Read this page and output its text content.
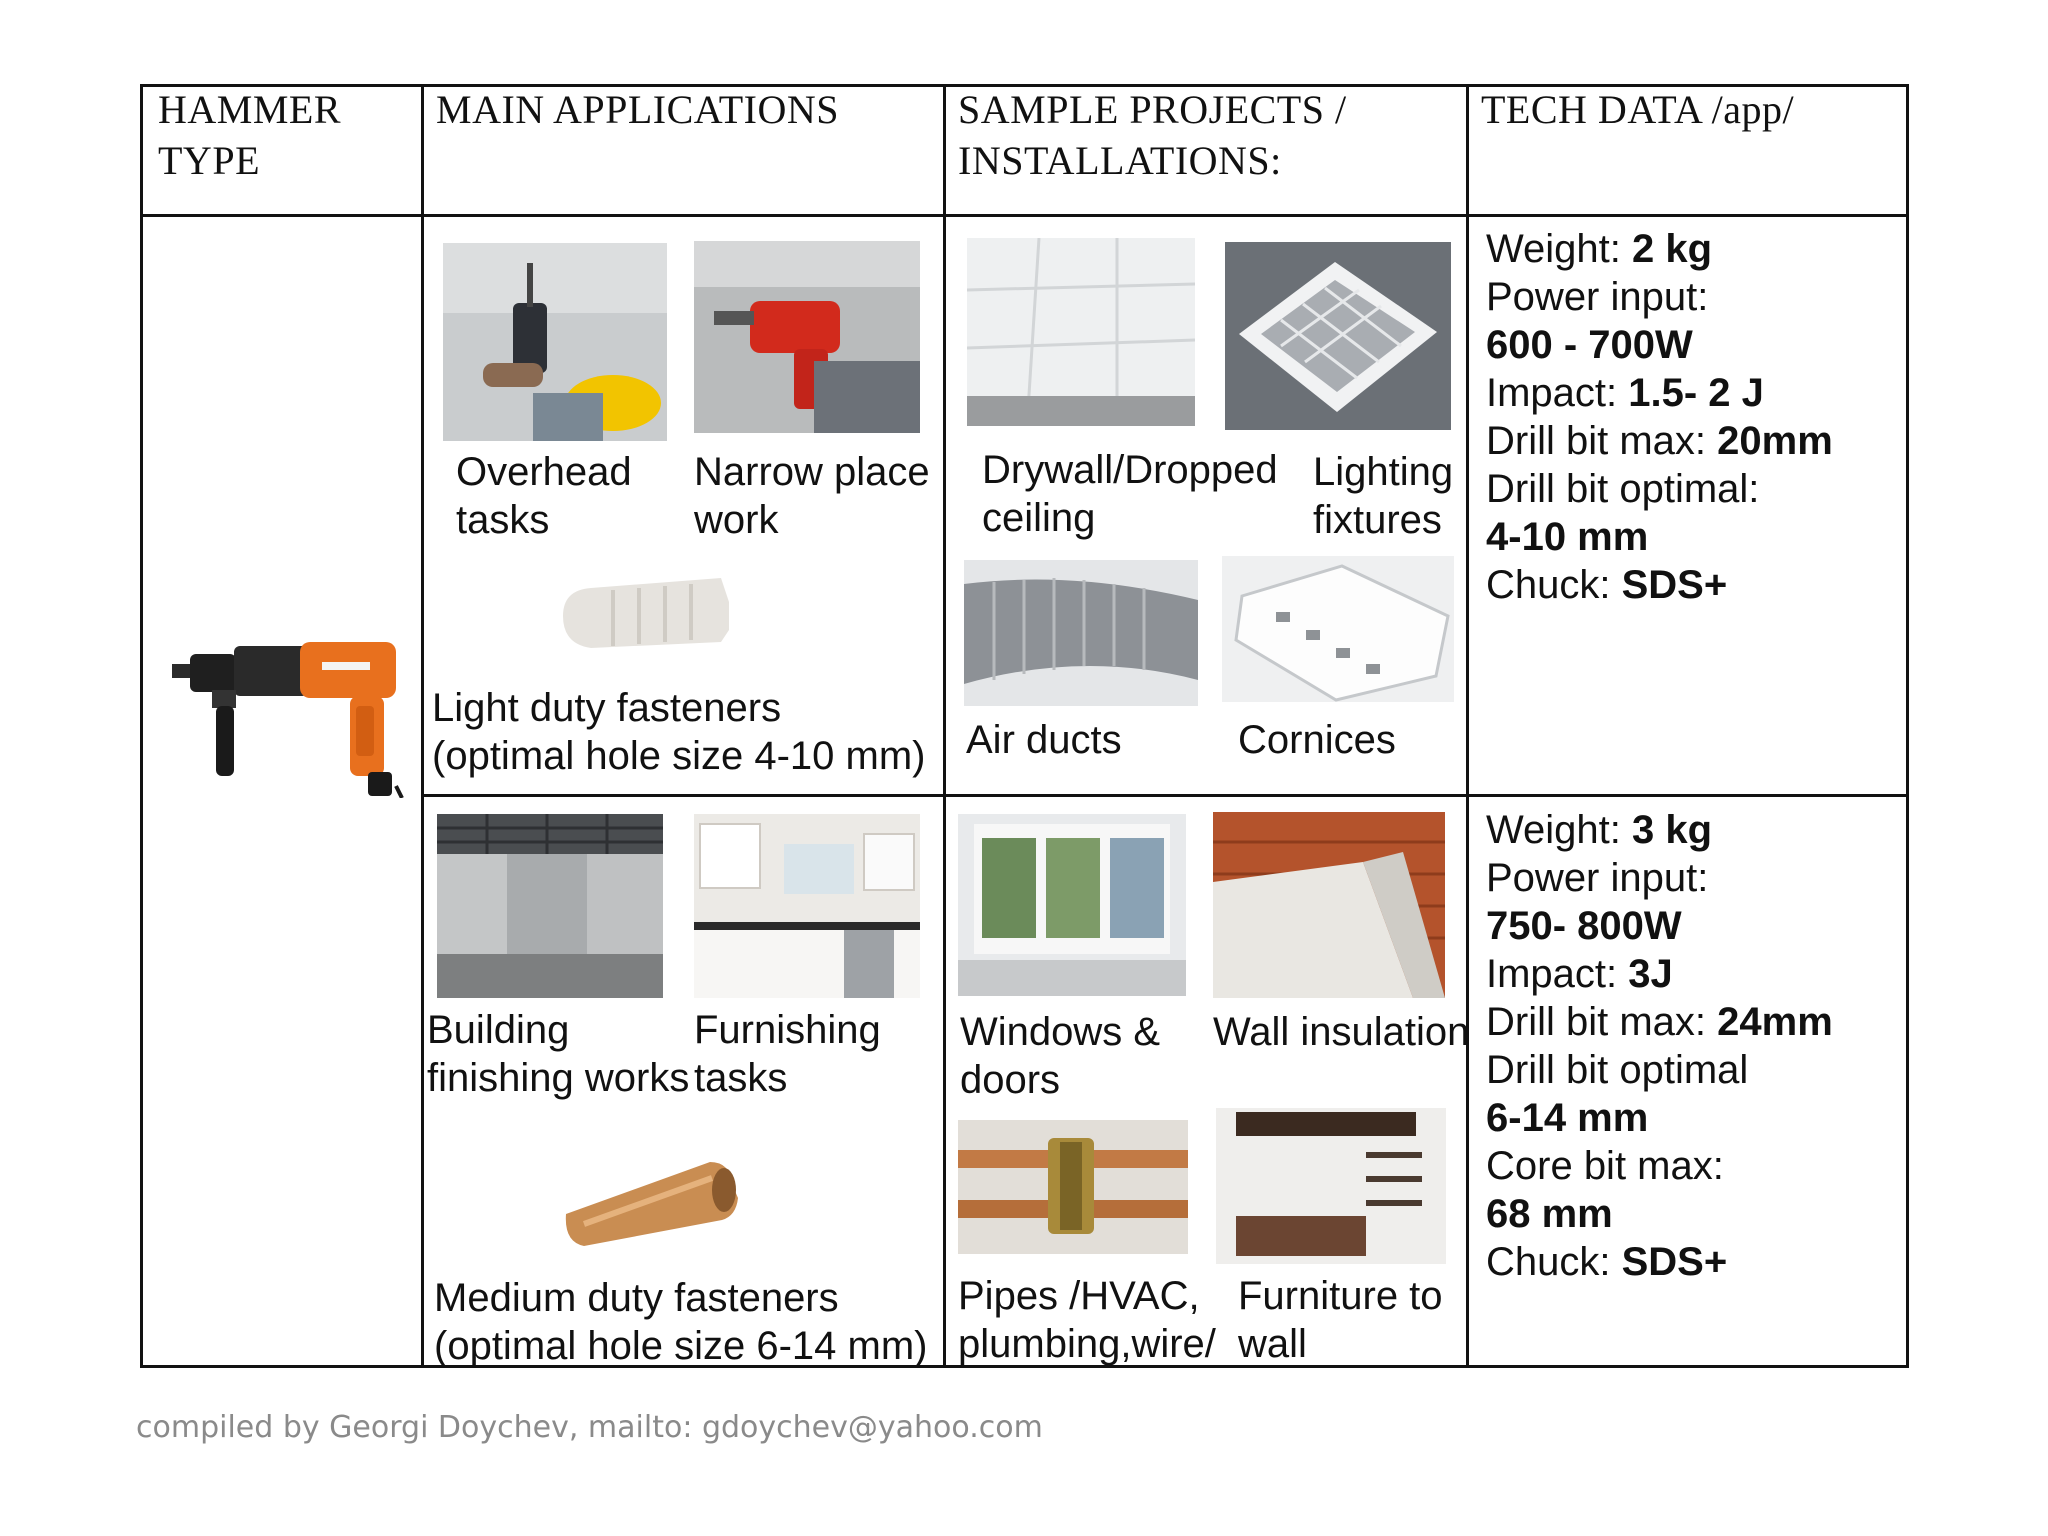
HAMMER
TYPE
MAIN APPLICATIONS	SAMPLE PROJECTS /
INSTALLATIONS:
TECH DATA /app/
Overhead
tasks
Narrow place
work
Light duty fasteners
(optimal hole size 4-10 mm)
Drywall/Dropped
ceiling
Lighting
fixtures
Air ducts	Cornices
Weight: 2 kg
Power input:
600 - 700W
Impact: 1.5- 2 J
Drill bit max: 20mm
Drill bit optimal:
4-10 mm
Chuck: SDS+
Building
finishing works
Furnishing
tasks
Medium duty fasteners
(optimal hole size 6-14 mm)
Windows &
doors
Wall insulation
Pipes /HVAC,
plumbing,wire/
Furniture to
wall
Weight: 3 kg
Power input:
750- 800W
Impact: 3J
Drill bit max: 24mm
Drill bit optimal
6-14 mm
Core bit max:
68 mm
Chuck: SDS+
compiled by Georgi Doychev, mailto: gdoychev@yahoo.com
